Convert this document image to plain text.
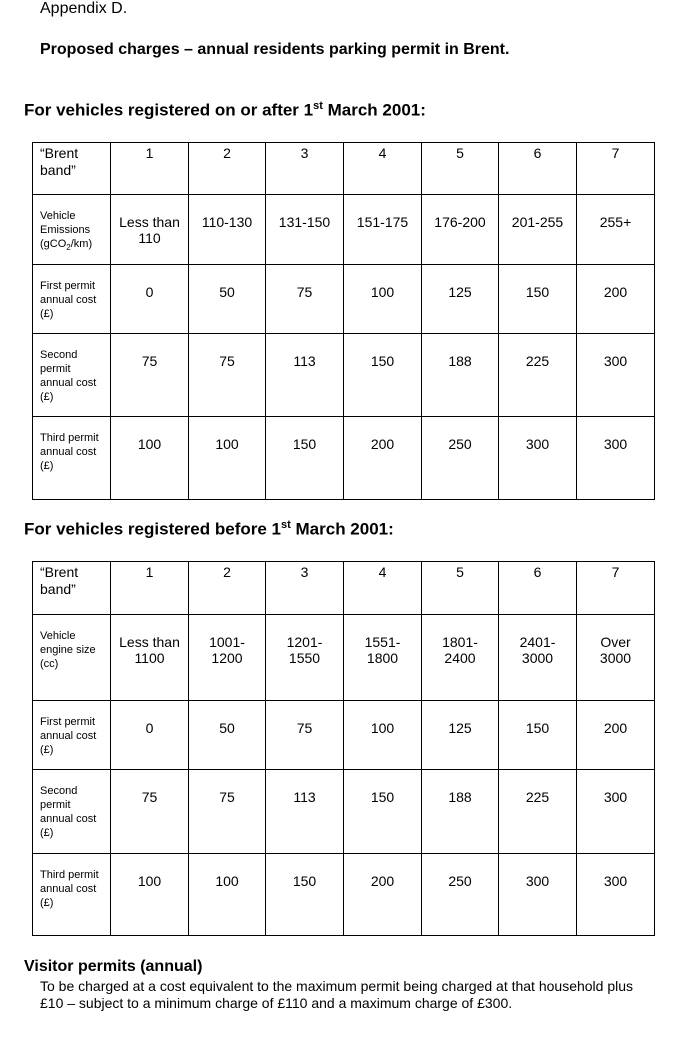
Appendix D.
Proposed charges – annual residents parking permit in Brent.
For vehicles registered on or after 1st March 2001:
“Brent band”	1	2	3	4	5	6	7
Vehicle Emissions (gCO$_2$/km)	Less than 110	110-130	131-150	151-175	176-200	201-255	255+
First permit annual cost (£)	0	50	75	100	125	150	200
Second permit annual cost (£)	75	75	113	150	188	225	300
Third permit annual cost (£)	100	100	150	200	250	300	300
For vehicles registered before 1st March 2001:
“Brent band”	1	2	3	4	5	6	7
Vehicle engine size (cc)	Less than 1100	1001-1200	1201-1550	1551-1800	1801-2400	2401-3000	Over 3000
First permit annual cost (£)	0	50	75	100	125	150	200
Second permit annual cost (£)	75	75	113	150	188	225	300
Third permit annual cost (£)	100	100	150	200	250	300	300
Visitor permits (annual)
To be charged at a cost equivalent to the maximum permit being charged at that household plus £10 – subject to a minimum charge of £110 and a maximum charge of £300.
